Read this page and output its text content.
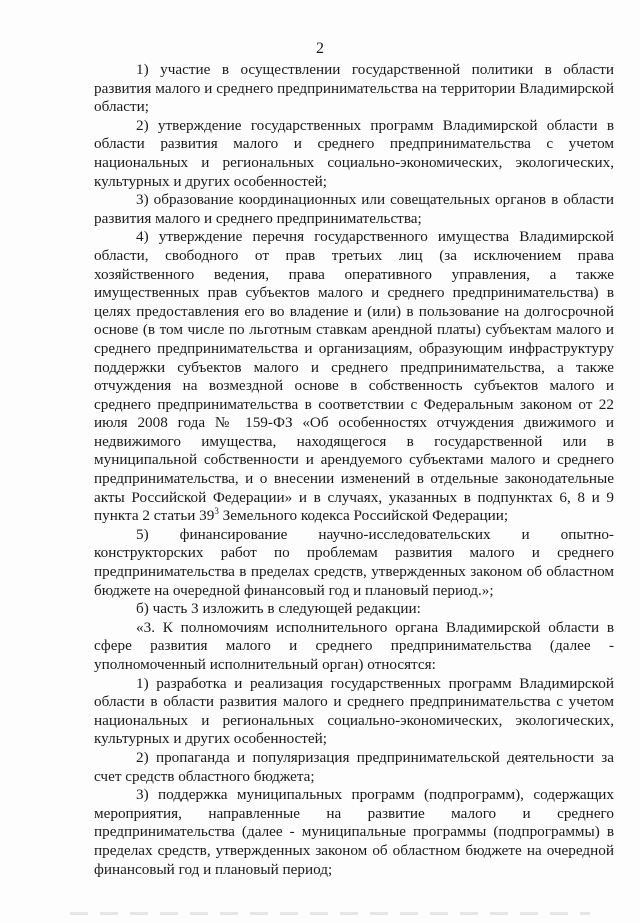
2

1) участие в осуществлении государственной политики в области развития малого и среднего предпринимательства на территории Владимирской области;

2) утверждение государственных программ Владимирской области в области развития малого и среднего предпринимательства с учетом национальных и региональных социально-экономических, экологических, культурных и других особенностей;

3) образование координационных или совещательных органов в области развития малого и среднего предпринимательства;

4) утверждение перечня государственного имущества Владимирской области, свободного от прав третьих лиц (за исключением права хозяйственного ведения, права оперативного управления, а также имущественных прав субъектов малого и среднего предпринимательства) в целях предоставления его во владение и (или) в пользование на долгосрочной основе (в том числе по льготным ставкам арендной платы) субъектам малого и среднего предпринимательства и организациям, образующим инфраструктуру поддержки субъектов малого и среднего предпринимательства, а также отчуждения на возмездной основе в собственность субъектов малого и среднего предпринимательства в соответствии с Федеральным законом от 22 июля 2008 года № 159-ФЗ «Об особенностях отчуждения движимого и недвижимого имущества, находящегося в государственной или в муниципальной собственности и арендуемого субъектами малого и среднего предпринимательства, и о внесении изменений в отдельные законодательные акты Российской Федерации» и в случаях, указанных в подпунктах 6, 8 и 9 пункта 2 статьи $39^3$ Земельного кодекса Российской Федерации;

5) финансирование научно-исследовательских и опытно-конструкторских работ по проблемам развития малого и среднего предпринимательства в пределах средств, утвержденных законом об областном бюджете на очередной финансовый год и плановый период.»;

б) часть 3 изложить в следующей редакции:

«3. К полномочиям исполнительного органа Владимирской области в сфере развития малого и среднего предпринимательства (далее - уполномоченный исполнительный орган) относятся:

1) разработка и реализация государственных программ Владимирской области в области развития малого и среднего предпринимательства с учетом национальных и региональных социально-экономических, экологических, культурных и других особенностей;

2) пропаганда и популяризация предпринимательской деятельности за счет средств областного бюджета;

3) поддержка муниципальных программ (подпрограмм), содержащих мероприятия, направленные на развитие малого и среднего предпринимательства (далее - муниципальные программы (подпрограммы) в пределах средств, утвержденных законом об областном бюджете на очередной финансовый год и плановый период;
